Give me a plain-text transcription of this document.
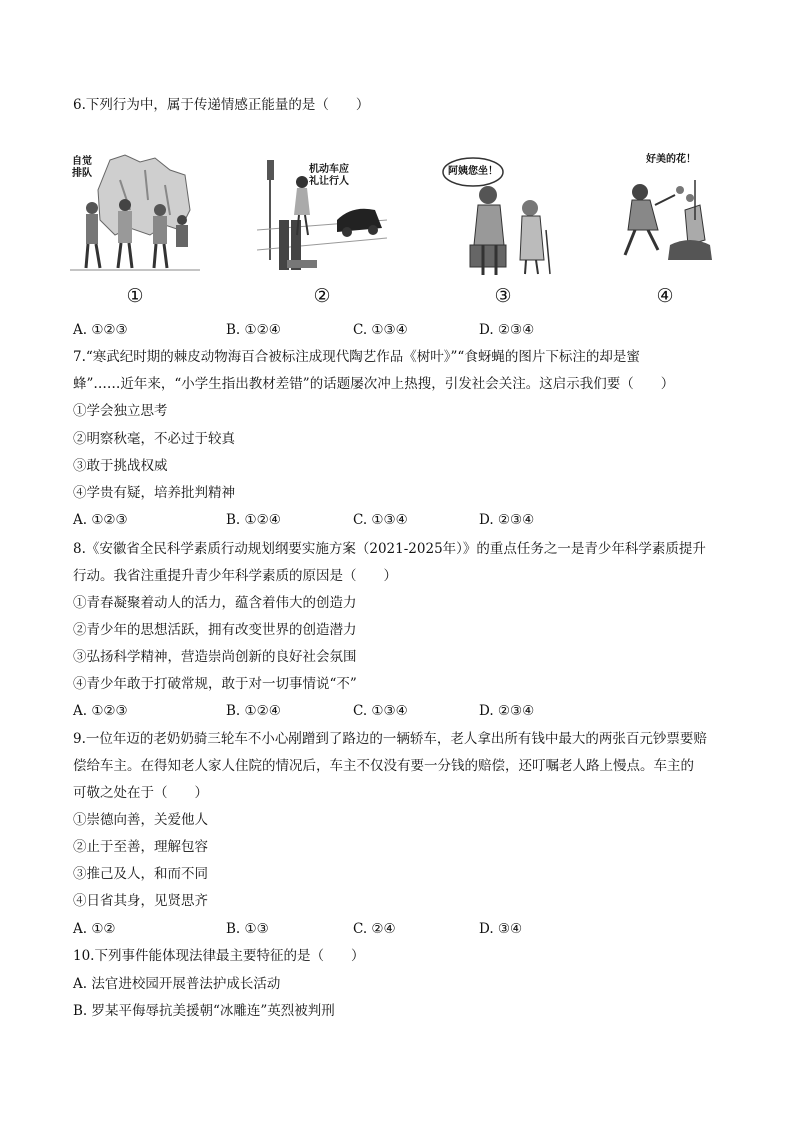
6.下列行为中，属于传递情感正能量的是（　　）
自觉
排队
①
机动车应
礼让行人
②
阿姨您坐！
③
好美的花！
④
A. ①②③	B. ①②④	C. ①③④	D. ②③④
7.“寒武纪时期的棘皮动物海百合被标注成现代陶艺作品《树叶》”“食蚜蝇的图片下标注的却是蜜
蜂”……近年来，“小学生指出教材差错”的话题屡次冲上热搜，引发社会关注。这启示我们要（　　）
①学会独立思考
②明察秋毫，不必过于较真
③敢于挑战权威
④学贵有疑，培养批判精神
A. ①②③	B. ①②④	C. ①③④	D. ②③④
8.《安徽省全民科学素质行动规划纲要实施方案（2021-2025年）》的重点任务之一是青少年科学素质提升
行动。我省注重提升青少年科学素质的原因是（　　）
①青春凝聚着动人的活力，蕴含着伟大的创造力
②青少年的思想活跃，拥有改变世界的创造潜力
③弘扬科学精神，营造崇尚创新的良好社会氛围
④青少年敢于打破常规，敢于对一切事情说“不”
A. ①②③	B. ①②④	C. ①③④	D. ②③④
9.一位年迈的老奶奶骑三轮车不小心剐蹭到了路边的一辆轿车，老人拿出所有钱中最大的两张百元钞票要赔
偿给车主。在得知老人家人住院的情况后，车主不仅没有要一分钱的赔偿，还叮嘱老人路上慢点。车主的
可敬之处在于（　　）
①崇德向善，关爱他人
②止于至善，理解包容
③推己及人，和而不同
④日省其身，见贤思齐
A. ①②	B. ①③	C. ②④	D. ③④
10.下列事件能体现法律最主要特征的是（　　）
A. 法官进校园开展普法护成长活动
B. 罗某平侮辱抗美援朝“冰雕连”英烈被判刑
